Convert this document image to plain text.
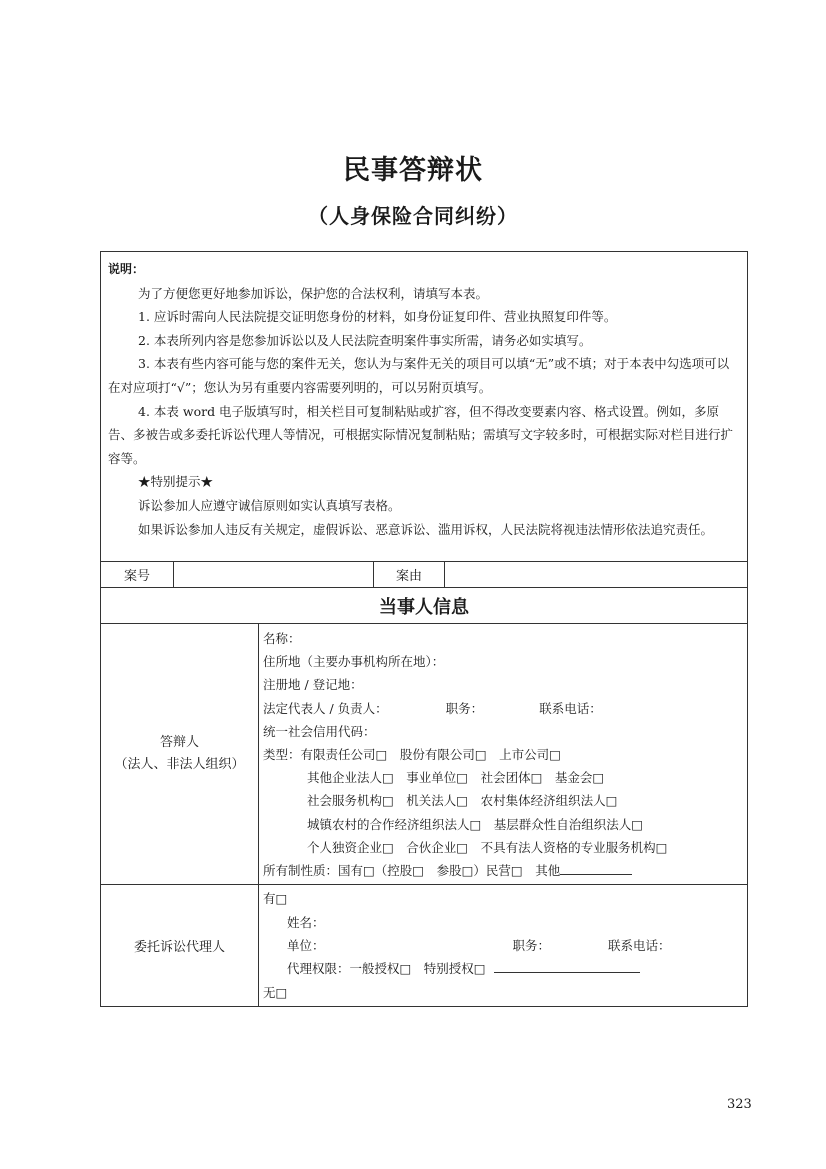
民事答辩状
（人身保险合同纠纷）

说明：

为了方便您更好地参加诉讼，保护您的合法权利，请填写本表。

1. 应诉时需向人民法院提交证明您身份的材料，如身份证复印件、营业执照复印件等。

2. 本表所列内容是您参加诉讼以及人民法院查明案件事实所需，请务必如实填写。

3. 本表有些内容可能与您的案件无关，您认为与案件无关的项目可以填“无”或不填；对于本表中勾选项可以在对应项打“√”；您认为另有重要内容需要列明的，可以另附页填写。

4. 本表 word 电子版填写时，相关栏目可复制粘贴或扩容，但不得改变要素内容、格式设置。例如，多原告、多被告或多委托诉讼代理人等情况，可根据实际情况复制粘贴；需填写文字较多时，可根据实际对栏目进行扩容等。

★特别提示★

诉讼参加人应遵守诚信原则如实认真填写表格。

如果诉讼参加人违反有关规定，虚假诉讼、恶意诉讼、滥用诉权，人民法院将视违法情形依法追究责任。

案号	案由
当事人信息
答辩人
（法人、非法人组织）
名称：
住所地（主要办事机构所在地）：
注册地 / 登记地：
法定代表人 / 负责人：	职务：	联系电话：
统一社会信用代码：
类型：有限责任公司□　股份有限公司□　上市公司□
其他企业法人□　事业单位□　社会团体□　基金会□
社会服务机构□　机关法人□　农村集体经济组织法人□
城镇农村的合作经济组织法人□　基层群众性自治组织法人□
个人独资企业□　合伙企业□　不具有法人资格的专业服务机构□
所有制性质：国有□（控股□　参股□）民营□　其他
委托诉讼代理人
有□
姓名：
单位：	职务：	联系电话：
代理权限：一般授权□　特别授权□
无□
323
